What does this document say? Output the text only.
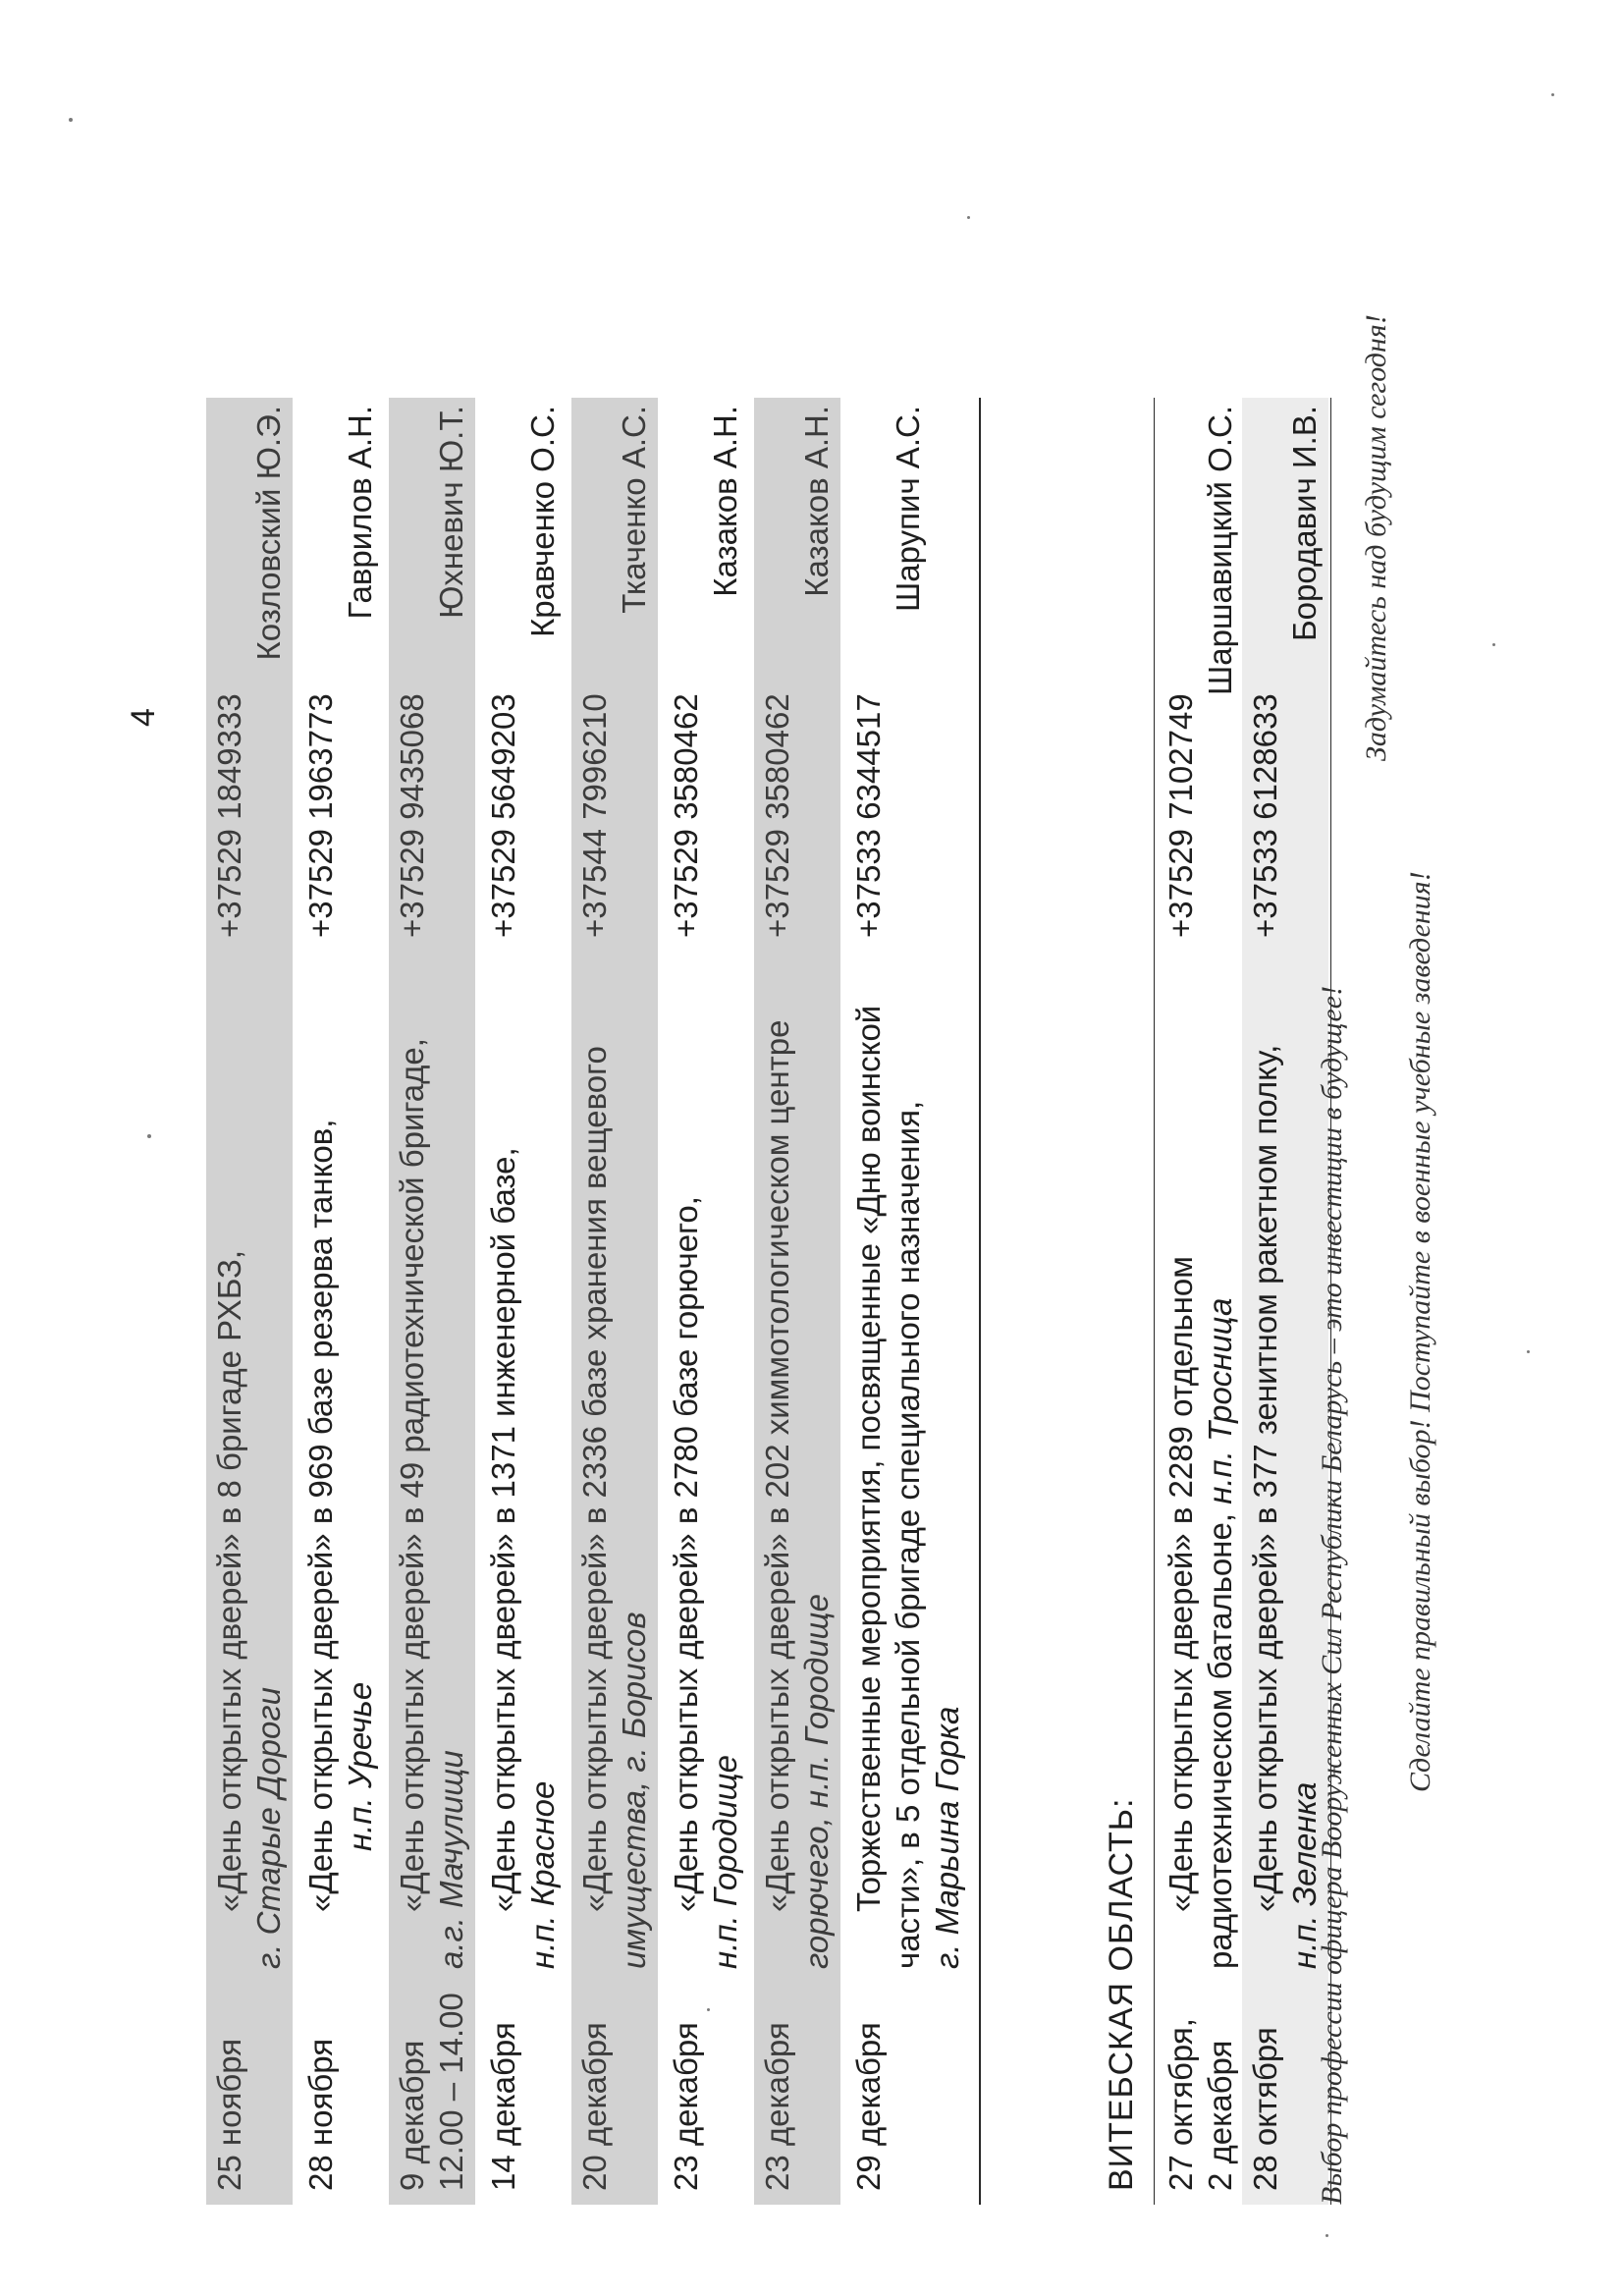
4
25 ноября
«День открытых дверей» в 8 бригаде РХБЗ, г. Старые Дороги
+37529 1849333
Козловский Ю.Э.
28 ноября
«День открытых дверей» в 969 базе резерва танков, н.п. Уречье
+37529 1963773
Гаврилов А.Н.
9 декабря 12.00 – 14.00
«День открытых дверей» в 49 радиотехнической бригаде, а.г. Мачулищи
+37529 9435068
Юхневич Ю.Т.
14 декабря
«День открытых дверей» в 1371 инженерной базе, н.п. Красное
+37529 5649203
Кравченко О.С.
20 декабря
«День открытых дверей» в 2336 базе хранения вещевого имущества, г. Борисов
+37544 7996210
Ткаченко А.С.
23 декабря
«День открытых дверей» в 2780 базе горючего, н.п. Городище
+37529 3580462
Казаков А.Н.
23 декабря
«День открытых дверей» в 202 химмотологическом центре горючего, н.п. Городище
+37529 3580462
Казаков А.Н.
29 декабря
Торжественные мероприятия, посвященные «Дню воинской части», в 5 отдельной бригаде специального назначения, г. Марьина Горка
+37533 6344517
Шарупич А.С.
ВИТЕБСКАЯ ОБЛАСТЬ: 27 октября, 2 декабря
«День открытых дверей» в 2289 отдельном радиотехническом батальоне, н.п. Тросница
+37529 7102749
Шаршавицкий О.С.
28 октября
«День открытых дверей» в 377 зенитном ракетном полку, н.п. Зеленка
+37533 6128633
Бородавич И.В.
Выбор профессии офицера Вооруженных Сил Республики Беларусь – это инвестиции в будущее!
Задумайтесь над будущим сегодня!
Сделайте правильный выбор! Поступайте в военные учебные заведения!
